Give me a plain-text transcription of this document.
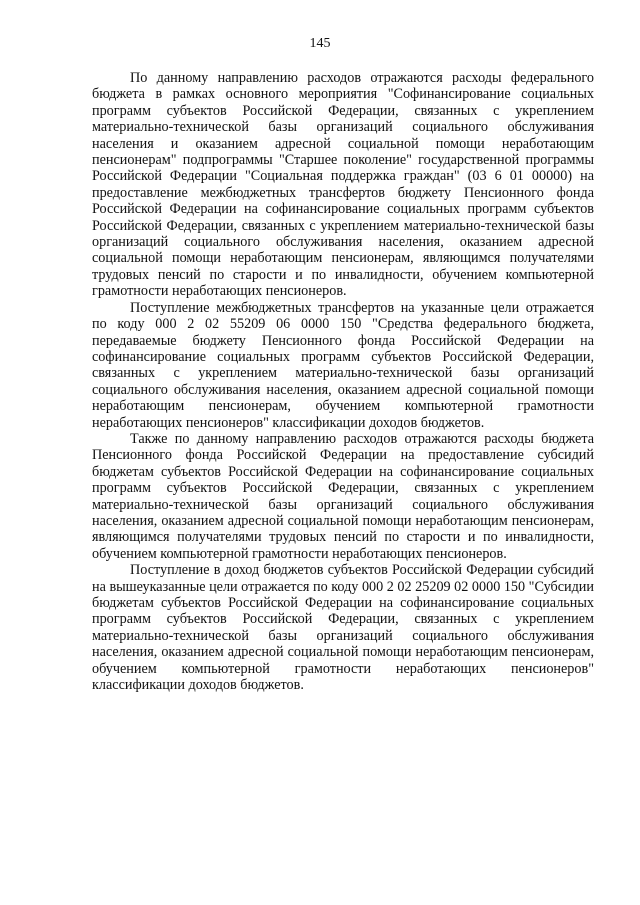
145

По данному направлению расходов отражаются расходы федерального бюджета в рамках основного мероприятия "Софинансирование социальных программ субъектов Российской Федерации, связанных с укреплением материально-технической базы организаций социального обслуживания населения и оказанием адресной социальной помощи неработающим пенсионерам" подпрограммы "Старшее поколение" государственной программы Российской Федерации "Социальная поддержка граждан" (03 6 01 00000) на предоставление межбюджетных трансфертов бюджету Пенсионного фонда Российской Федерации на софинансирование социальных программ субъектов Российской Федерации, связанных с укреплением материально-технической базы организаций социального обслуживания населения, оказанием адресной социальной помощи неработающим пенсионерам, являющимся получателями трудовых пенсий по старости и по инвалидности, обучением компьютерной грамотности неработающих пенсионеров.

Поступление межбюджетных трансфертов на указанные цели отражается по коду 000 2 02 55209 06 0000 150 "Средства федерального бюджета, передаваемые бюджету Пенсионного фонда Российской Федерации на софинансирование социальных программ субъектов Российской Федерации, связанных с укреплением материально-технической базы организаций социального обслуживания населения, оказанием адресной социальной помощи неработающим пенсионерам, обучением компьютерной грамотности неработающих пенсионеров" классификации доходов бюджетов.

Также по данному направлению расходов отражаются расходы бюджета Пенсионного фонда Российской Федерации на предоставление субсидий бюджетам субъектов Российской Федерации на софинансирование социальных программ субъектов Российской Федерации, связанных с укреплением материально-технической базы организаций социального обслуживания населения, оказанием адресной социальной помощи неработающим пенсионерам, являющимся получателями трудовых пенсий по старости и по инвалидности, обучением компьютерной грамотности неработающих пенсионеров.

Поступление в доход бюджетов субъектов Российской Федерации субсидий на вышеуказанные цели отражается по коду 000 2 02 25209 02 0000 150 "Субсидии бюджетам субъектов Российской Федерации на софинансирование социальных программ субъектов Российской Федерации, связанных с укреплением материально-технической базы организаций социального обслуживания населения, оказанием адресной социальной помощи неработающим пенсионерам, обучением компьютерной грамотности неработающих пенсионеров" классификации доходов бюджетов.
